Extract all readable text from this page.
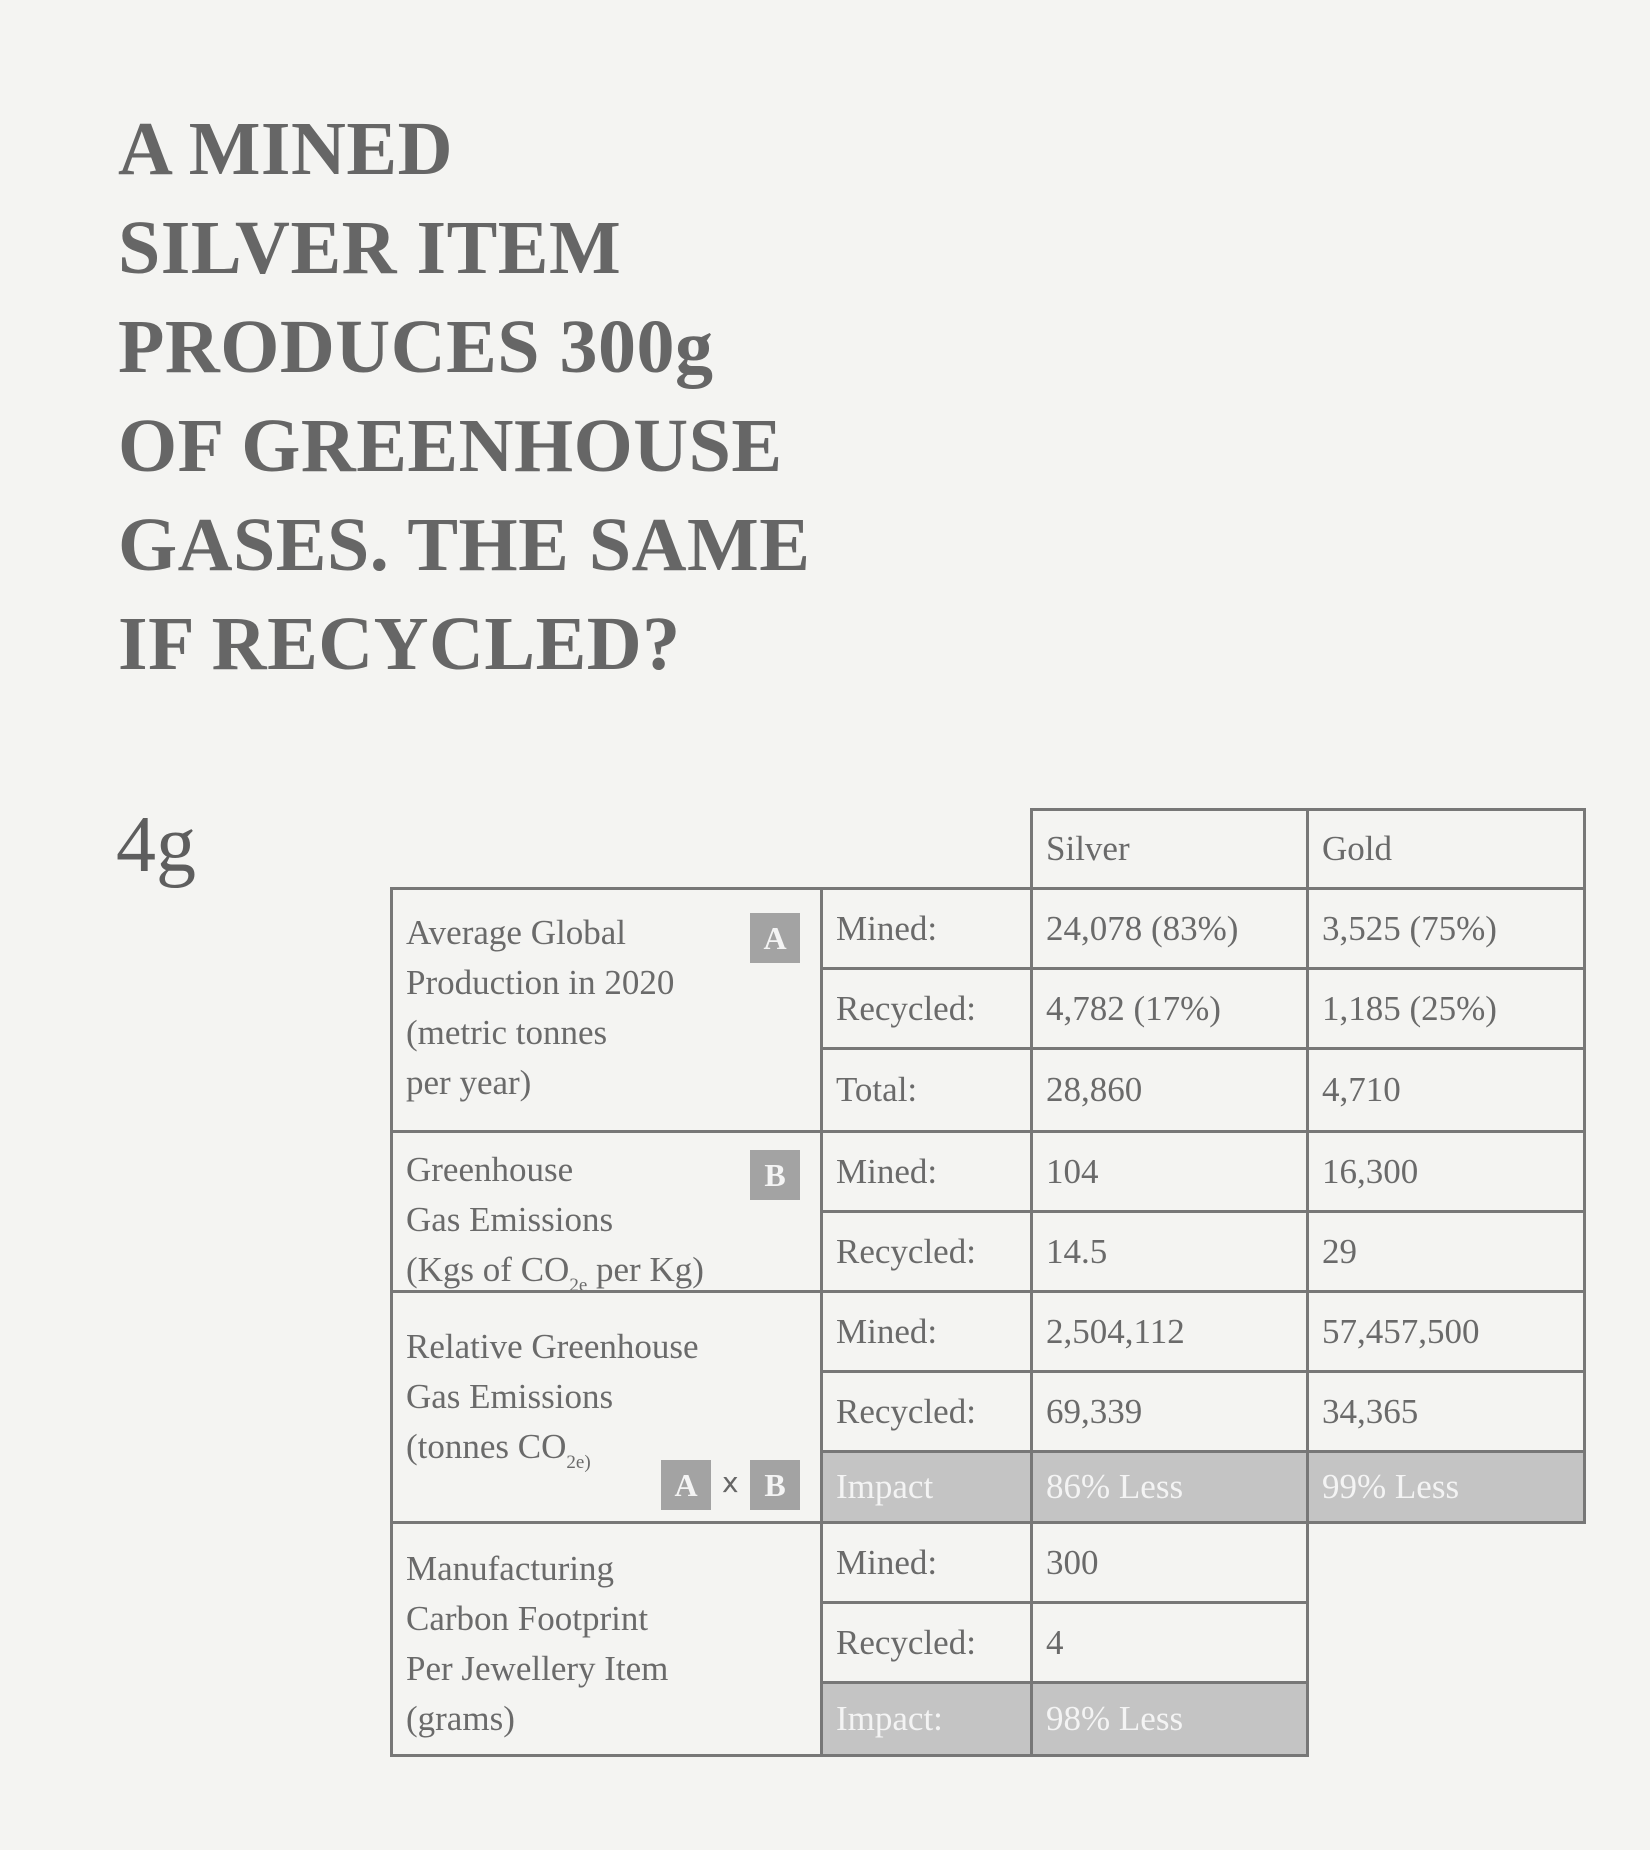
A MINED
SILVER ITEM
PRODUCES 300g
OF GREENHOUSE
GASES. THE SAME
IF RECYCLED?
4g	Silver	Gold
Average Global
Production in 2020
(metric tonnes
per year)
A	Mined:	24,078 (83%)	3,525 (75%)
Recycled:	4,782 (17%)	1,185 (25%)
Total:	28,860	4,710
Greenhouse
Gas Emissions
(Kgs of $CO_{2e}$ per Kg)
B	Mined:	104	16,300
Recycled:	14.5	29
Relative Greenhouse
Gas Emissions
(tonnes $CO_{2e)}$
A x B
Mined:	2,504,112	57,457,500
Recycled:	69,339	34,365
Impact	86% Less	99% Less
Manufacturing
Carbon Footprint
Per Jewellery Item
(grams)
Mined:	300
Recycled:	4
Impact:	98% Less
